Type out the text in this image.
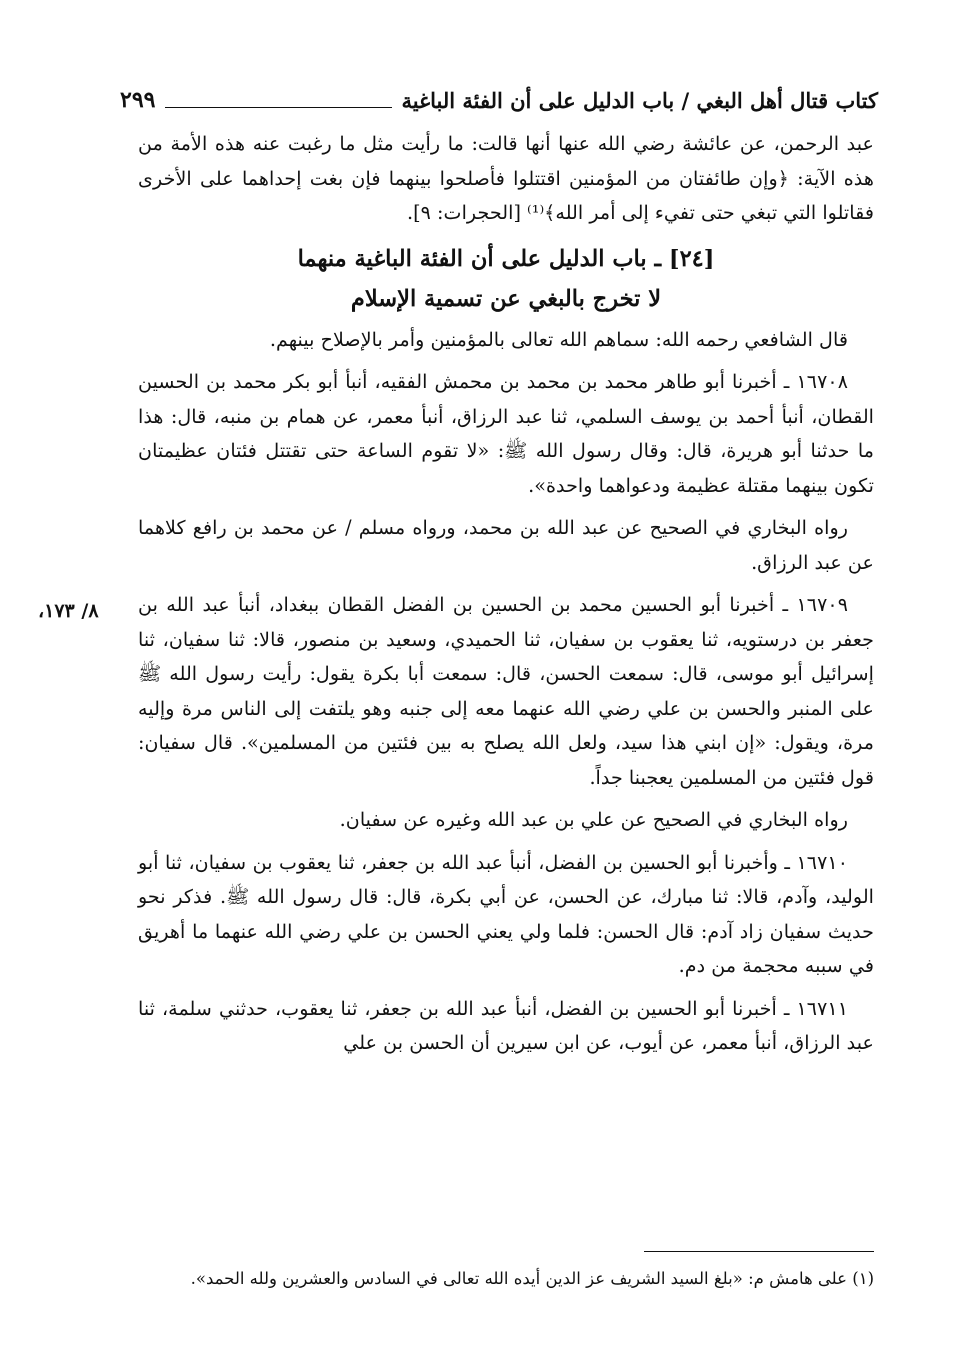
كتاب قتال أهل البغي / باب الدليل على أن الفئة الباغية
٢٩٩
٨/ ١٧٣،

عبد الرحمن، عن عائشة رضي الله عنها أنها قالت: ما رأيت مثل ما رغبت عنه هذه الأمة من هذه الآية: ﴿وإن طائفتان من المؤمنين اقتتلوا فأصلحوا بينهما فإن بغت إحداهما على الأخرى فقاتلوا التي تبغي حتى تفيء إلى أمر الله﴾⁽¹⁾ [الحجرات: ٩].

[٢٤] ـ باب الدليل على أن الفئة الباغية منهما
لا تخرج بالبغي عن تسمية الإسلام

قال الشافعي رحمه الله: سماهم الله تعالى بالمؤمنين وأمر بالإصلاح بينهم.

١٦٧٠٨ ـ أخبرنا أبو طاهر محمد بن محمد بن محمش الفقيه، أنبأ أبو بكر محمد بن الحسين القطان، أنبأ أحمد بن يوسف السلمي، ثنا عبد الرزاق، أنبأ معمر، عن همام بن منبه، قال: هذا ما حدثنا أبو هريرة، قال: وقال رسول الله ﷺ: «لا تقوم الساعة حتى تقتتل فئتان عظيمتان تكون بينهما مقتلة عظيمة ودعواهما واحدة».

رواه البخاري في الصحيح عن عبد الله بن محمد، ورواه مسلم / عن محمد بن رافع كلاهما عن عبد الرزاق.

١٦٧٠٩ ـ أخبرنا أبو الحسين محمد بن الحسين بن الفضل القطان ببغداد، أنبأ عبد الله بن جعفر بن درستويه، ثنا يعقوب بن سفيان، ثنا الحميدي، وسعيد بن منصور، قالا: ثنا سفيان، ثنا إسرائيل أبو موسى، قال: سمعت الحسن، قال: سمعت أبا بكرة يقول: رأيت رسول الله ﷺ على المنبر والحسن بن علي رضي الله عنهما معه إلى جنبه وهو يلتفت إلى الناس مرة وإليه مرة، ويقول: «إن ابني هذا سيد، ولعل الله يصلح به بين فئتين من المسلمين». قال سفيان: قول فئتين من المسلمين يعجبنا جداً.

رواه البخاري في الصحيح عن علي بن عبد الله وغيره عن سفيان.

١٦٧١٠ ـ وأخبرنا أبو الحسين بن الفضل، أنبأ عبد الله بن جعفر، ثنا يعقوب بن سفيان، ثنا أبو الوليد، وآدم، قالا: ثنا مبارك، عن الحسن، عن أبي بكرة، قال: قال رسول الله ﷺ. فذكر نحو حديث سفيان زاد آدم: قال الحسن: فلما ولي يعني الحسن بن علي رضي الله عنهما ما أهريق في سببه محجمة من دم.

١٦٧١١ ـ أخبرنا أبو الحسين بن الفضل، أنبأ عبد الله بن جعفر، ثنا يعقوب، حدثني سلمة، ثنا عبد الرزاق، أنبأ معمر، عن أيوب، عن ابن سيرين أن الحسن بن علي

(١) على هامش م: «بلغ السيد الشريف عز الدين أيده الله تعالى في السادس والعشرين ولله الحمد».
